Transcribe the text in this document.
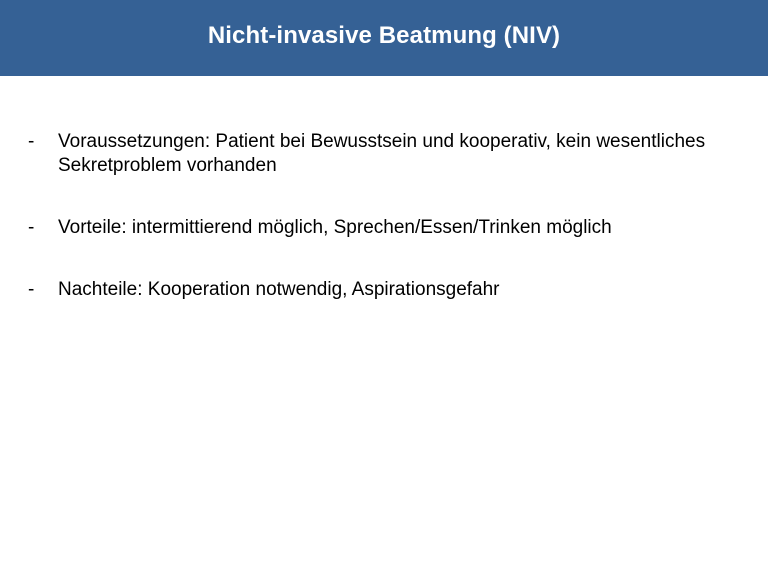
Nicht-invasive Beatmung (NIV)
- Voraussetzungen: Patient bei Bewusstsein und kooperativ, kein wesentliches Sekretproblem vorhanden
- Vorteile: intermittierend möglich, Sprechen/Essen/Trinken möglich
- Nachteile: Kooperation notwendig, Aspirationsgefahr
